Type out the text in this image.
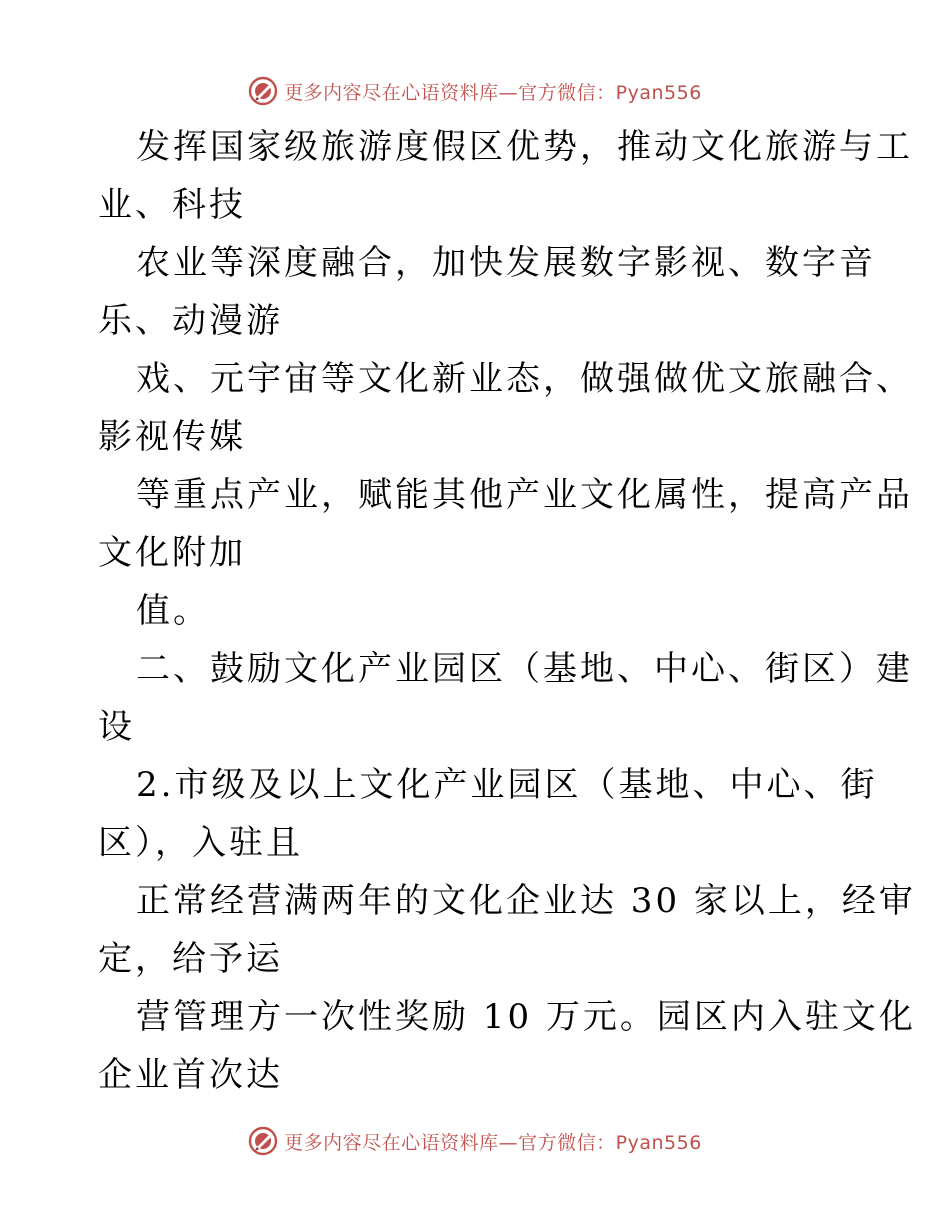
更多内容尽在心语资料库—官方微信：Pyan556
发挥国家级旅游度假区优势，推动文化旅游与工
业、科技
农业等深度融合，加快发展数字影视、数字音
乐、动漫游
戏、元宇宙等文化新业态，做强做优文旅融合、
影视传媒
等重点产业，赋能其他产业文化属性，提高产品
文化附加
值。
二、鼓励文化产业园区（基地、中心、街区）建
设
2.市级及以上文化产业园区（基地、中心、街
区），入驻且
正常经营满两年的文化企业达 30 家以上，经审
定，给予运
营管理方一次性奖励 10 万元。园区内入驻文化
企业首次达
更多内容尽在心语资料库—官方微信：Pyan556
